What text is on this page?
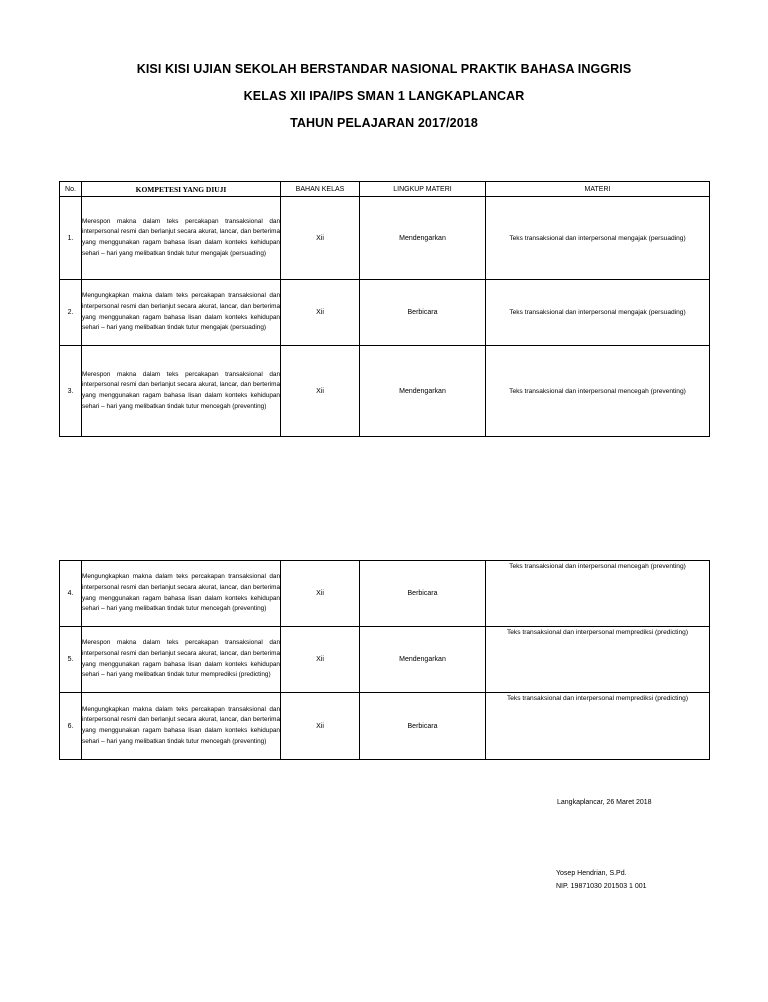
KISI KISI UJIAN SEKOLAH BERSTANDAR NASIONAL PRAKTIK BAHASA INGGRIS
KELAS XII IPA/IPS SMAN 1 LANGKAPLANCAR
TAHUN PELAJARAN 2017/2018
No.	KOMPETESI YANG DIUJI	BAHAN KELAS	LINGKUP MATERI	MATERI
1.	Merespon makna dalam teks percakapan transaksional dan interpersonal resmi dan berlanjut secara akurat, lancar, dan berterima yang menggunakan ragam bahasa lisan dalam konteks kehidupan sehari – hari yang melibatkan tindak tutur mengajak (persuading)	Xii	Mendengarkan	Teks transaksional dan interpersonal mengajak (persuading)
2.	Mengungkapkan makna dalam teks percakapan transaksional dan interpersonal resmi dan berlanjut secara akurat, lancar, dan berterima yang menggunakan ragam bahasa lisan dalam konteks kehidupan sehari – hari yang melibatkan tindak tutur mengajak (persuading)	Xii	Berbicara	Teks transaksional dan interpersonal mengajak (persuading)
3.	Merespon makna dalam teks percakapan transaksional dan interpersonal resmi dan berlanjut secara akurat, lancar, dan berterima yang menggunakan ragam bahasa lisan dalam konteks kehidupan sehari – hari yang melibatkan tindak tutur mencegah (preventing)	Xii	Mendengarkan	Teks transaksional dan interpersonal mencegah (preventing)
4.	Mengungkapkan makna dalam teks percakapan transaksional dan interpersonal resmi dan berlanjut secara akurat, lancar, dan berterima yang menggunakan ragam bahasa lisan dalam konteks kehidupan sehari – hari yang melibatkan tindak tutur mencegah (preventing)	Xii	Berbicara	Teks transaksional dan interpersonal mencegah (preventing)
5.	Merespon makna dalam teks percakapan transaksional dan interpersonal resmi dan berlanjut secara akurat, lancar, dan berterima yang menggunakan ragam bahasa lisan dalam konteks kehidupan sehari – hari yang melibatkan tindak tutur memprediksi (predicting)	Xii	Mendengarkan	Teks transaksional dan interpersonal memprediksi (predicting)
6.	Mengungkapkan makna dalam teks percakapan transaksional dan interpersonal resmi dan berlanjut secara akurat, lancar, dan berterima yang menggunakan ragam bahasa lisan dalam konteks kehidupan sehari – hari yang melibatkan tindak tutur mencegah (preventing)	Xii	Berbicara	Teks transaksional dan interpersonal memprediksi (predicting)
Langkaplancar, 26 Maret 2018
Yosep Hendrian, S.Pd.
NIP. 19871030 201503 1 001
